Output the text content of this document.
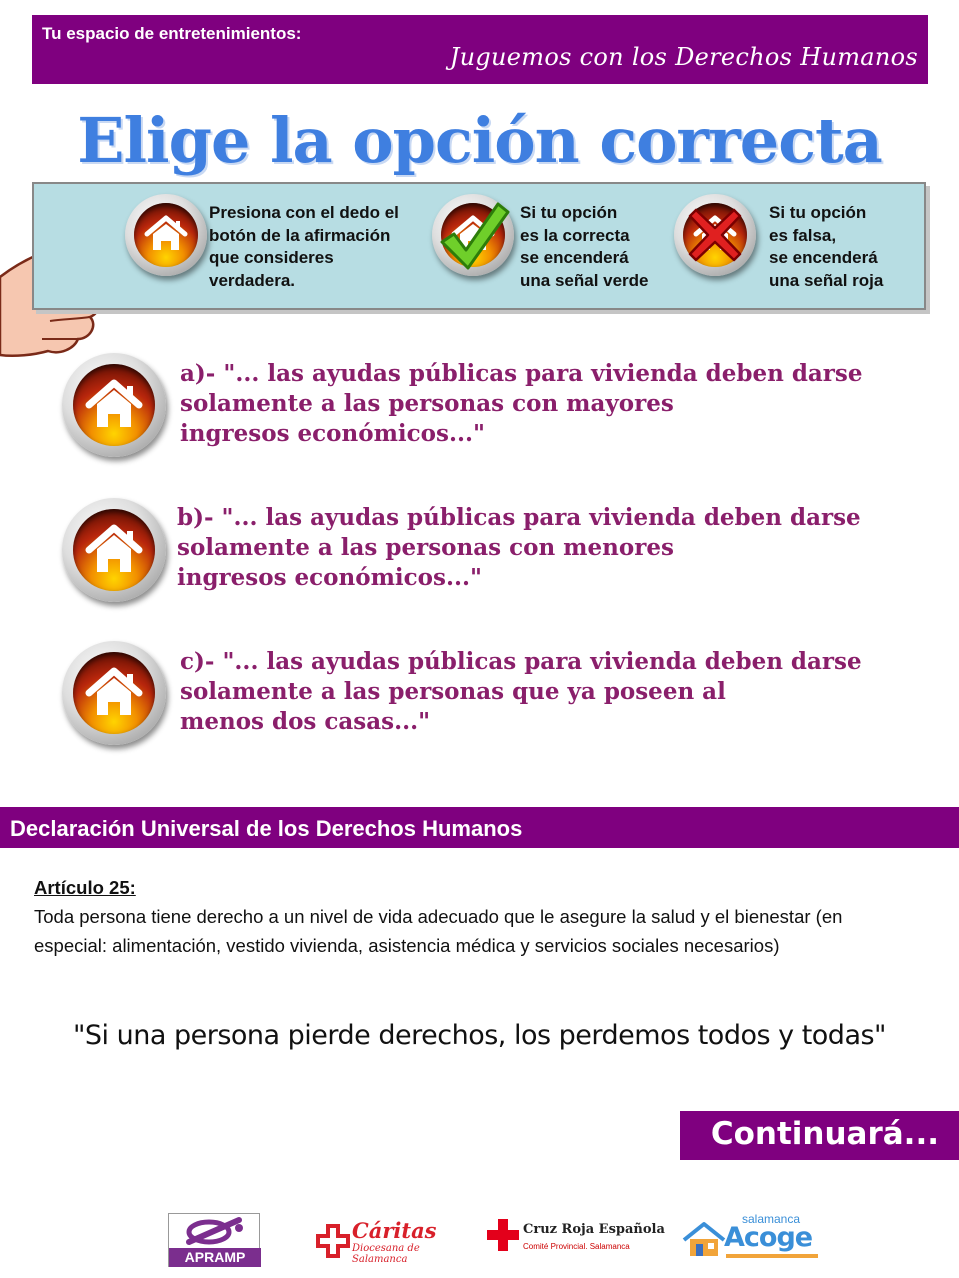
Tu espacio de entretenimientos:
Juguemos con los Derechos Humanos
Elige la opción correcta
Presiona con el dedo el
botón de la afirmación
que consideres
verdadera.
Si tu opción
es la correcta
se encenderá
una señal verde
Si tu opción
es falsa,
se encenderá
una señal roja
a)- "... las ayudas públicas para vivienda deben darse
solamente a las personas con mayores
ingresos económicos..."
b)- "... las ayudas públicas para vivienda deben darse
solamente a las personas con menores
ingresos económicos..."
c)- "... las ayudas públicas para vivienda deben darse
solamente a las personas que ya poseen al
menos dos casas..."
Declaración Universal de los Derechos Humanos
Artículo 25:
Toda persona tiene derecho a un nivel de vida adecuado que le asegure la salud y el bienestar (en especial: alimentación, vestido vivienda, asistencia médica y servicios sociales necesarios)
"Si una persona pierde derechos, los perdemos todos y todas"
Continuará...
APRAMP
Cáritas
Diocesana de
Salamanca
Cruz Roja Española
Comité Provincial. Salamanca
salamanca
Acoge
